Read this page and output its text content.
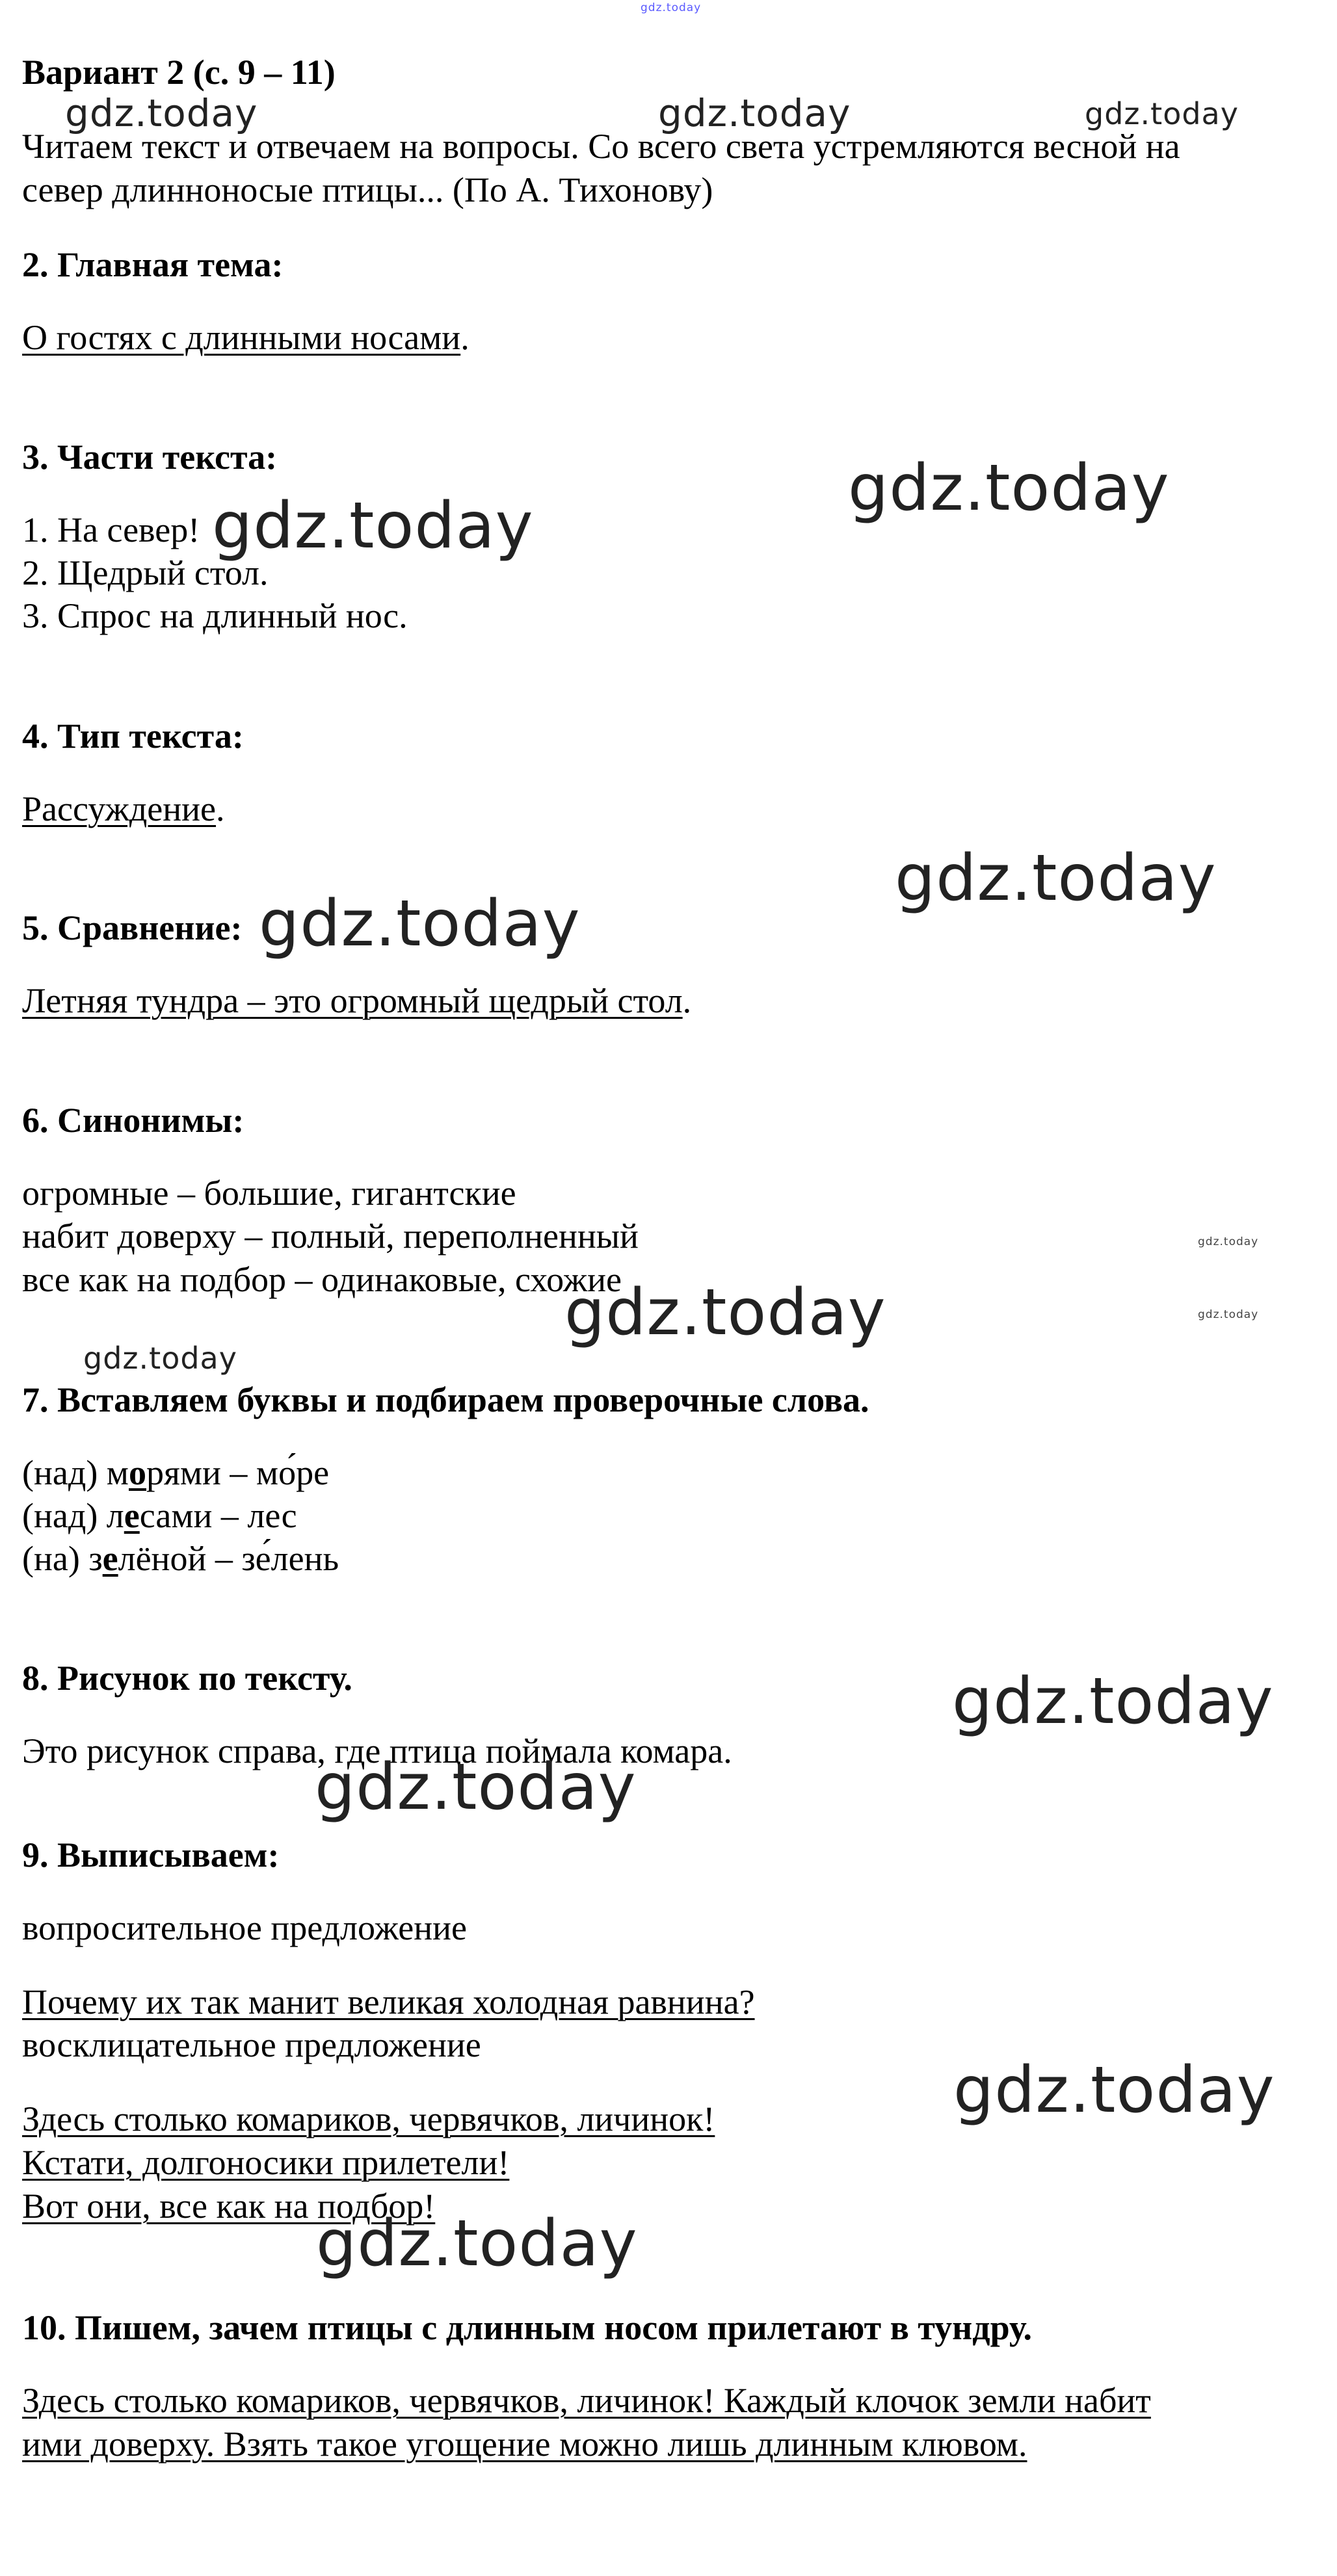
gdz.today
Вариант 2 (с. 9 – 11)
Читаем текст и отвечаем на вопросы. Со всего света устремляются весной на
север длинноносые птицы... (По А. Тихонову)
2. Главная тема:
О гостях с длинными носами.
3. Части текста:
1. На север!
2. Щедрый стол.
3. Спрос на длинный нос.
4. Тип текста:
Рассуждение.
5. Сравнение:
Летняя тундра – это огромный щедрый стол.
6. Синонимы:
огромные – большие, гигантские
набит доверху – полный, переполненный
все как на подбор – одинаковые, схожие
7. Вставляем буквы и подбираем проверочные слова.
(над) морями – мо́ре
(над) лесами – лес
(на) зелёной – зе́лень
8. Рисунок по тексту.
Это рисунок справа, где птица поймала комара.
9. Выписываем:
вопросительное предложение
Почему их так манит великая холодная равнина?
восклицательное предложение
Здесь столько комариков, червячков, личинок!
Кстати, долгоносики прилетели!
Вот они, все как на подбор!
10. Пишем, зачем птицы с длинным носом прилетают в тундру.
Здесь столько комариков, червячков, личинок! Каждый клочок земли набит
ими доверху. Взять такое угощение можно лишь длинным клювом.
gdz.today	gdz.today	gdz.today
gdz.today
gdz.today
gdz.today
gdz.today
gdz.today
gdz.today	gdz.today
gdz.today
gdz.today
gdz.today
gdz.today
gdz.today
